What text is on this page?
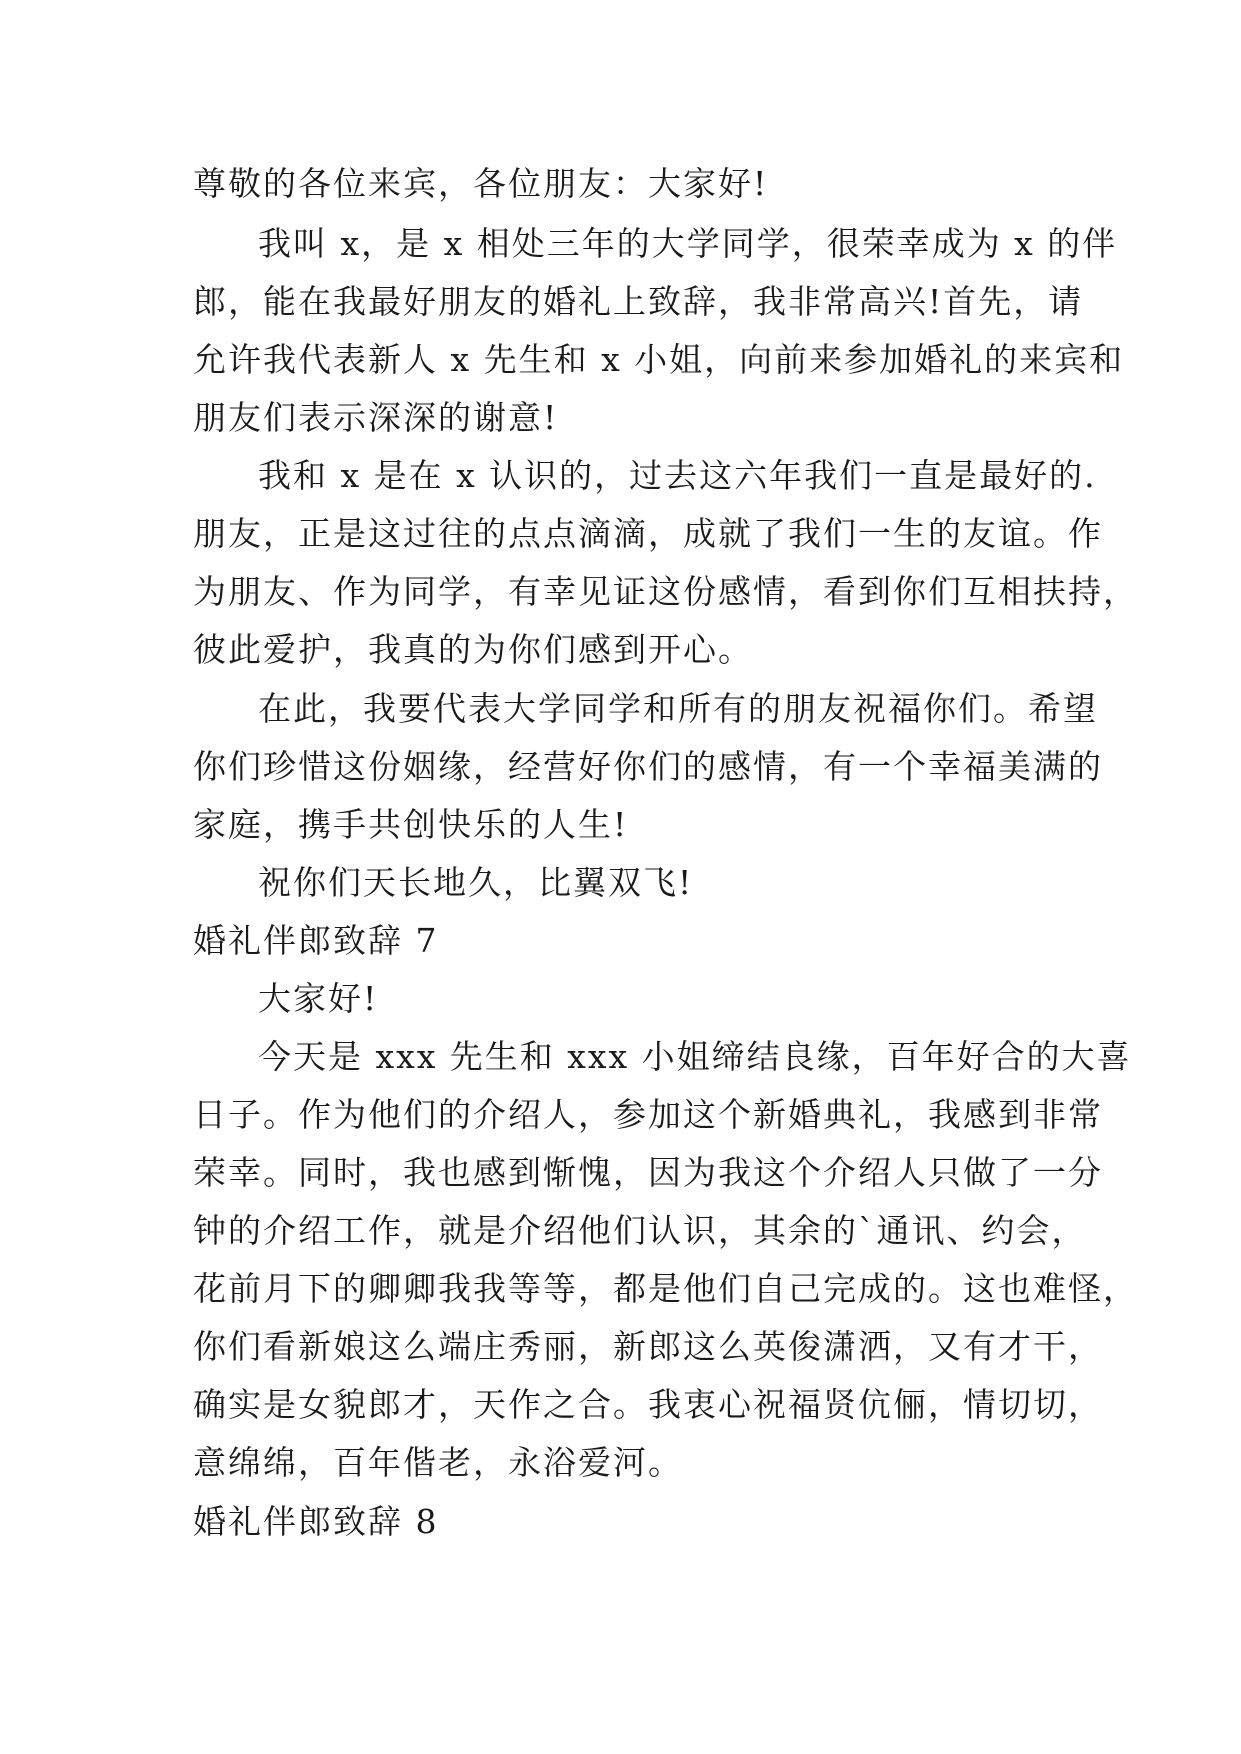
尊敬的各位来宾，各位朋友：大家好!
我叫 x，是 x 相处三年的大学同学，很荣幸成为 x 的伴
郎，能在我最好朋友的婚礼上致辞，我非常高兴!首先，请
允许我代表新人 x 先生和 x 小姐，向前来参加婚礼的来宾和
朋友们表示深深的谢意!
我和 x 是在 x 认识的，过去这六年我们一直是最好的.
朋友，正是这过往的点点滴滴，成就了我们一生的友谊。作
为朋友、作为同学，有幸见证这份感情，看到你们互相扶持，
彼此爱护，我真的为你们感到开心。
在此，我要代表大学同学和所有的朋友祝福你们。希望
你们珍惜这份姻缘，经营好你们的感情，有一个幸福美满的
家庭，携手共创快乐的人生!
祝你们天长地久，比翼双飞!
婚礼伴郎致辞 7
大家好!
今天是 xxx 先生和 xxx 小姐缔结良缘，百年好合的大喜
日子。作为他们的介绍人，参加这个新婚典礼，我感到非常
荣幸。同时，我也感到惭愧，因为我这个介绍人只做了一分
钟的介绍工作，就是介绍他们认识，其余的`通讯、约会，
花前月下的卿卿我我等等，都是他们自己完成的。这也难怪，
你们看新娘这么端庄秀丽，新郎这么英俊潇洒，又有才干，
确实是女貌郎才，天作之合。我衷心祝福贤伉俪，情切切，
意绵绵，百年偕老，永浴爱河。
婚礼伴郎致辞 8
